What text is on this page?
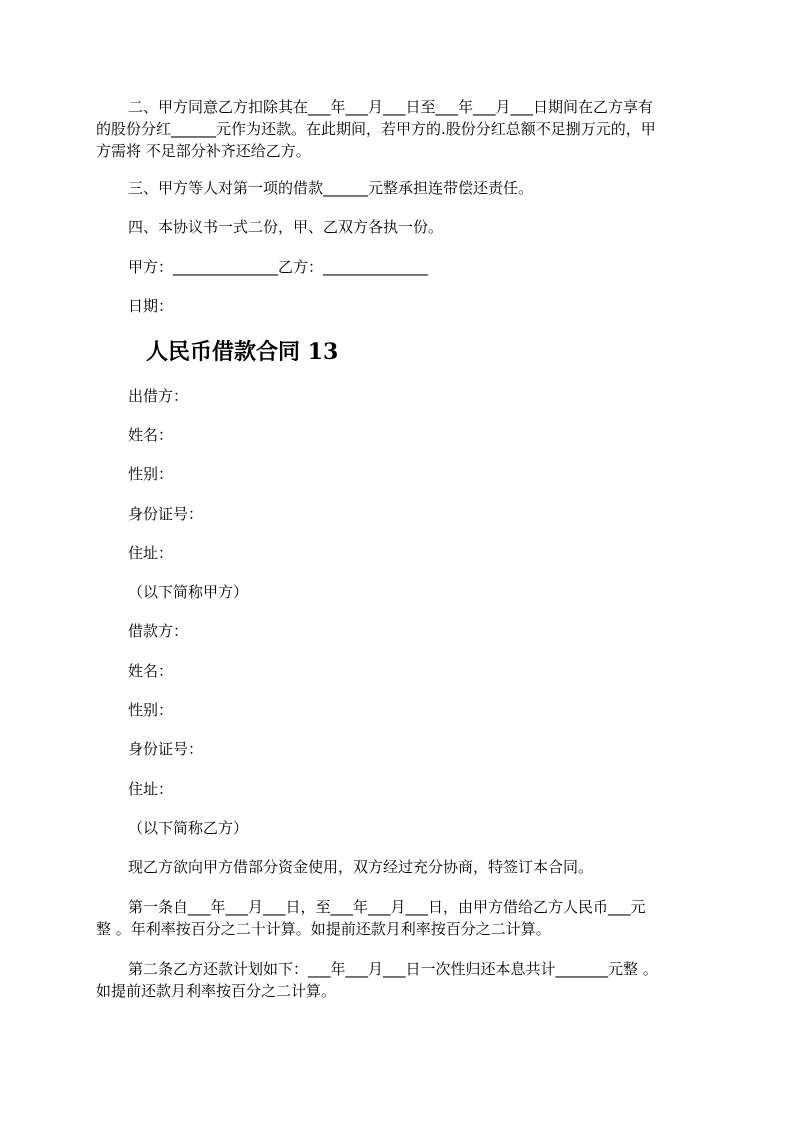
二、甲方同意乙方扣除其在___年___月___日至___年___月___日期间在乙方享有
的股份分红______元作为还款。在此期间，若甲方的.股份分红总额不足捌万元的，甲
方需将 不足部分补齐还给乙方。
三、甲方等人对第一项的借款______元整承担连带偿还责任。
四、本协议书一式二份，甲、乙双方各执一份。
甲方：______________乙方：______________
日期：
人民币借款合同 13
出借方：
姓名：
性别：
身份证号：
住址：
（以下简称甲方）
借款方：
姓名：
性别：
身份证号：
住址：
（以下简称乙方）
现乙方欲向甲方借部分资金使用，双方经过充分协商，特签订本合同。
第一条自___年___月___日，至___年___月___日，由甲方借给乙方人民币___元
整 。年利率按百分之二十计算。如提前还款月利率按百分之二计算。
第二条乙方还款计划如下：___年___月___日一次性归还本息共计_______元整 。
如提前还款月利率按百分之二计算。
